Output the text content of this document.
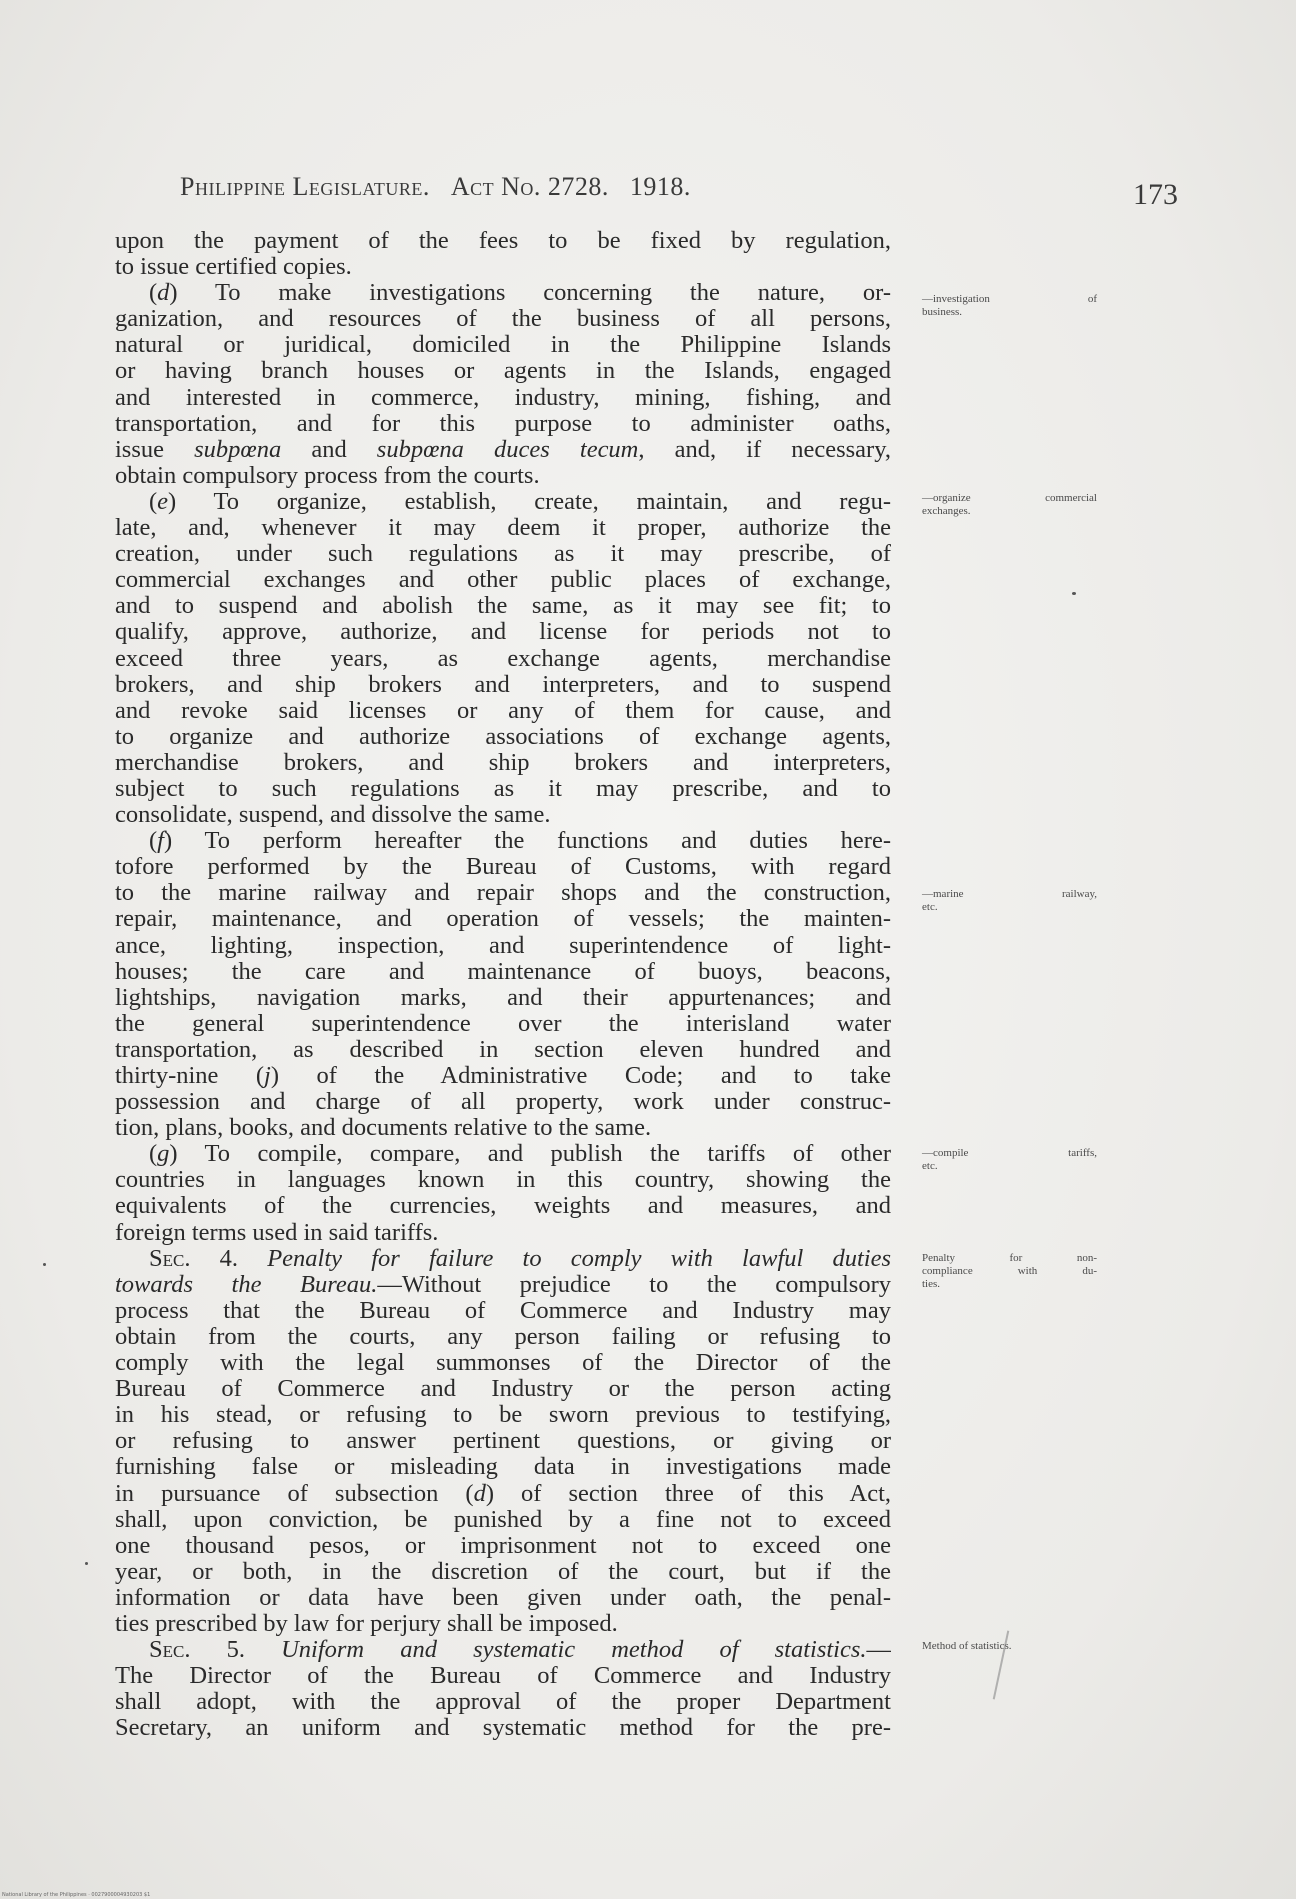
Philippine Legislature. Act No. 2728. 1918.	173
upon the payment of the fees to be fixed by regulation,
to issue certified copies.
(d) To make investigations concerning the nature, or-
ganization, and resources of the business of all persons,
natural or juridical, domiciled in the Philippine Islands
or having branch houses or agents in the Islands, engaged
and interested in commerce, industry, mining, fishing, and
transportation, and for this purpose to administer oaths,
issue subpœna and subpœna duces tecum, and, if necessary,
obtain compulsory process from the courts.
(e) To organize, establish, create, maintain, and regu-
late, and, whenever it may deem it proper, authorize the
creation, under such regulations as it may prescribe, of
commercial exchanges and other public places of exchange,
and to suspend and abolish the same, as it may see fit; to
qualify, approve, authorize, and license for periods not to
exceed three years, as exchange agents, merchandise
brokers, and ship brokers and interpreters, and to suspend
and revoke said licenses or any of them for cause, and
to organize and authorize associations of exchange agents,
merchandise brokers, and ship brokers and interpreters,
subject to such regulations as it may prescribe, and to
consolidate, suspend, and dissolve the same.
(f) To perform hereafter the functions and duties here-
tofore performed by the Bureau of Customs, with regard
to the marine railway and repair shops and the construction,
repair, maintenance, and operation of vessels; the mainten-
ance, lighting, inspection, and superintendence of light-
houses; the care and maintenance of buoys, beacons,
lightships, navigation marks, and their appurtenances; and
the general superintendence over the interisland water
transportation, as described in section eleven hundred and
thirty-nine (j) of the Administrative Code; and to take
possession and charge of all property, work under construc-
tion, plans, books, and documents relative to the same.
(g) To compile, compare, and publish the tariffs of other
countries in languages known in this country, showing the
equivalents of the currencies, weights and measures, and
foreign terms used in said tariffs.
Sec. 4. Penalty for failure to comply with lawful duties
towards the Bureau.—Without prejudice to the compulsory
process that the Bureau of Commerce and Industry may
obtain from the courts, any person failing or refusing to
comply with the legal summonses of the Director of the
Bureau of Commerce and Industry or the person acting
in his stead, or refusing to be sworn previous to testifying,
or refusing to answer pertinent questions, or giving or
furnishing false or misleading data in investigations made
in pursuance of subsection (d) of section three of this Act,
shall, upon conviction, be punished by a fine not to exceed
one thousand pesos, or imprisonment not to exceed one
year, or both, in the discretion of the court, but if the
information or data have been given under oath, the penal-
ties prescribed by law for perjury shall be imposed.
Sec. 5. Uniform and systematic method of statistics.—
The Director of the Bureau of Commerce and Industry
shall adopt, with the approval of the proper Department
Secretary, an uniform and systematic method for the pre-
—investigation of
business.
—organize commercial
exchanges.
—marine railway,
etc.
—compile tariffs,
etc.
Penalty for non-
compliance with du-
ties.
Method of statistics.
National Library of the Philippines · 0027900004930203 $1
